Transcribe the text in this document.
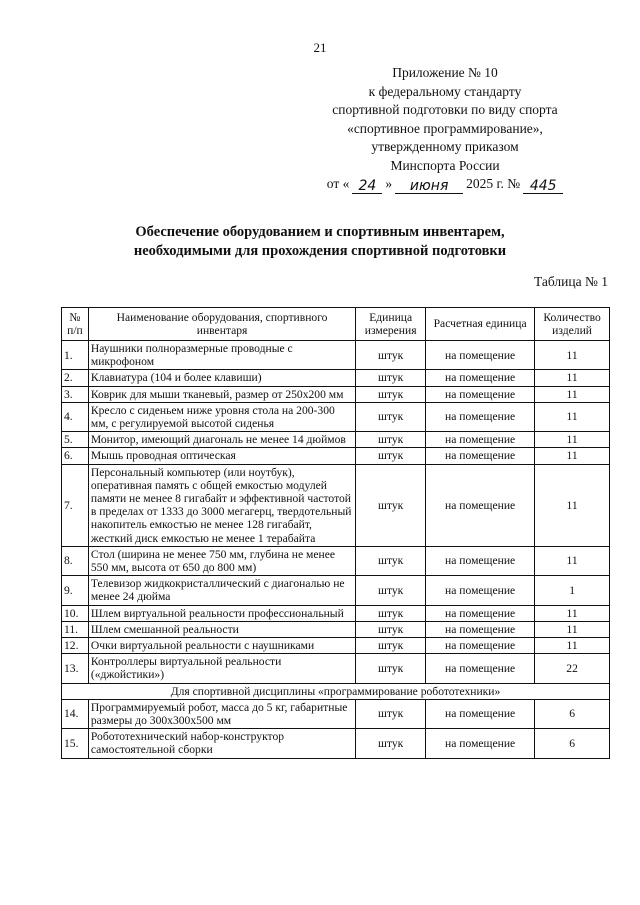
21
Приложение № 10
к федеральному стандарту
спортивной подготовки по виду спорта
«спортивное программирование»,
утвержденному приказом
Минспорта России
от « 24 »	июня	2025 г. № 445
Обеспечение оборудованием и спортивным инвентарем,
необходимыми для прохождения спортивной подготовки
Таблица № 1
№ п/п	Наименование оборудования, спортивного инвентаря	Единица измерения	Расчетная единица	Количество изделий
1.	Наушники полноразмерные проводные с микрофоном	штук	на помещение	11
2.	Клавиатура (104 и более клавиши)	штук	на помещение	11
3.	Коврик для мыши тканевый, размер от 250x200 мм	штук	на помещение	11
4.	Кресло с сиденьем ниже уровня стола на 200-300 мм, с регулируемой высотой сиденья	штук	на помещение	11
5.	Монитор, имеющий диагональ не менее 14 дюймов	штук	на помещение	11
6.	Мышь проводная оптическая	штук	на помещение	11
7.	Персональный компьютер (или ноутбук), оперативная память с общей емкостью модулей памяти не менее 8 гигабайт и эффективной частотой в пределах от 1333 до 3000 мегагерц, твердотельный накопитель емкостью не менее 128 гигабайт, жесткий диск емкостью не менее 1 терабайта	штук	на помещение	11
8.	Стол (ширина не менее 750 мм, глубина не менее 550 мм, высота от 650 до 800 мм)	штук	на помещение	11
9.	Телевизор жидкокристаллический с диагональю не менее 24 дюйма	штук	на помещение	1
10.	Шлем виртуальной реальности профессиональный	штук	на помещение	11
11.	Шлем смешанной реальности	штук	на помещение	11
12.	Очки виртуальной реальности с наушниками	штук	на помещение	11
13.	Контроллеры виртуальной реальности («джойстики»)	штук	на помещение	22
Для спортивной дисциплины «программирование робототехники»				
14.	Программируемый робот, масса до 5 кг, габаритные размеры до 300x300x500 мм	штук	на помещение	6
15.	Робототехнический набор-конструктор самостоятельной сборки	штук	на помещение	6
